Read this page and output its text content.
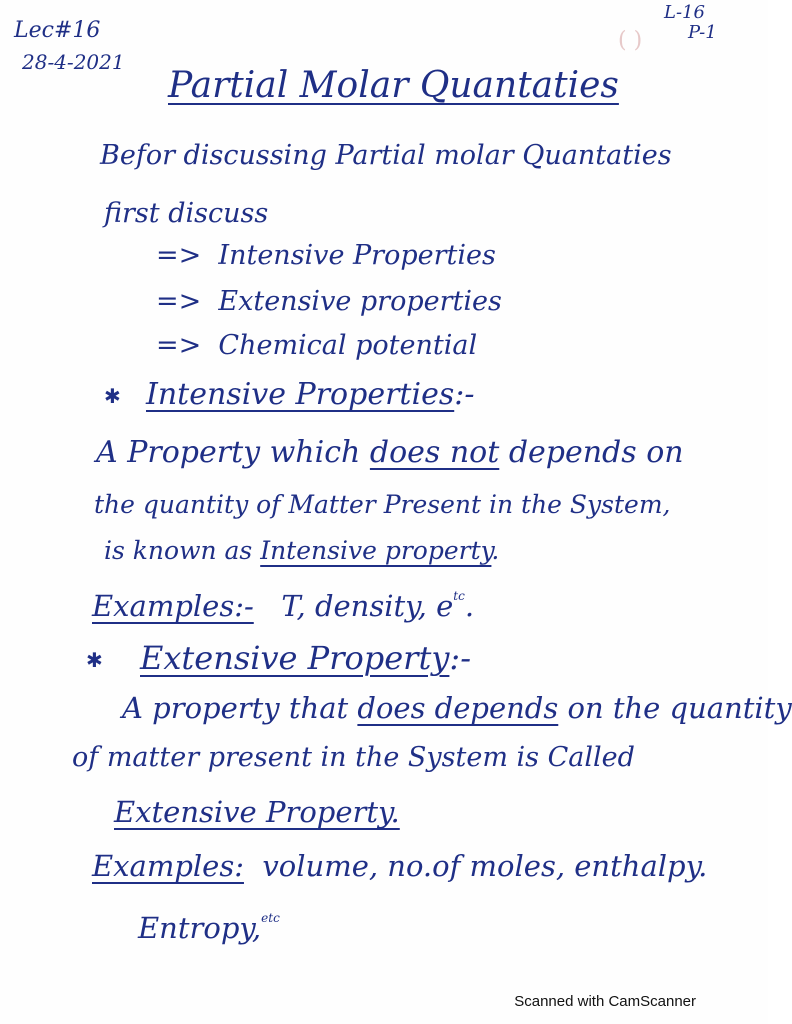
Lec#16
28-4-2021
L-16
P-1
( )
Partial Molar Quantaties
Befor discussing Partial molar Quantaties
first discuss
=> Intensive Properties
=> Extensive properties
=> Chemical potential
✱ Intensive Properties:-
A Property which does not depends on
the quantity of Matter Present in the System,
is known as Intensive property.
Examples:- T, density, $e^{tc}$.
✱ Extensive Property:-
A property that does depends on the quantity
of matter present in the System is Called
Extensive Property.
Examples: volume, no.of moles, enthalpy.
Entropy,$^{etc}$
Scanned with CamScanner
